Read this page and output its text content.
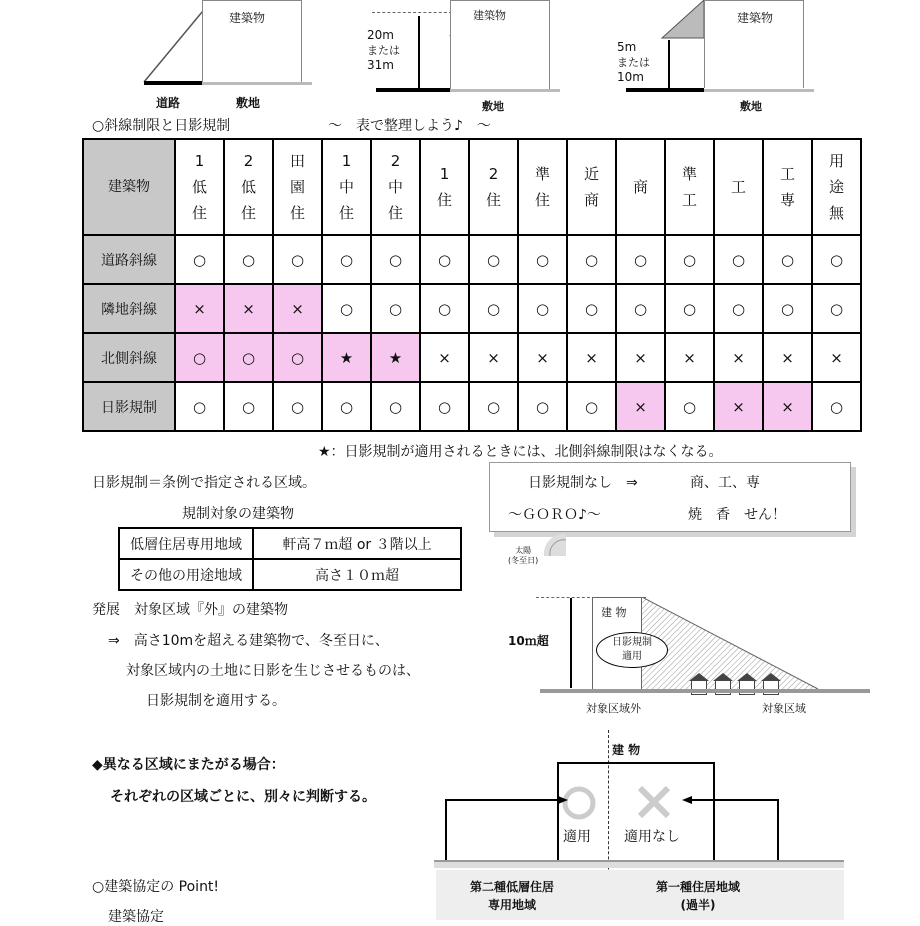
建築物
道路	敷地
建築物
20m
または
31m
敷地
建築物
5m
または
10m
敷地
○斜線制限と日影規制	～　表で整理しよう♪　～
建築物	1低住	2低住	田園住	1中住	2中住	1住	2住	準住	近商	商	準工	工	工専	用途無
道路斜線	○	○	○	○	○	○	○	○	○	○	○	○	○	○
隣地斜線	×	×	×	○	○	○	○	○	○	○	○	○	○	○
北側斜線	○	○	○	★	★	×	×	×	×	×	×	×	×	×
日影規制	○	○	○	○	○	○	○	○	○	×	○	×	×	○
★：日影規制が適用されるときには、北側斜線制限はなくなる。
日影規制＝条例で指定される区域。	日影規制なし　⇒	商、工、専
～ＧＯＲＯ♪～	焼　香　せん！
規制対象の建築物
低層住居専用地域	軒高７ｍ超 or ３階以上
その他の用途地域	高さ１０ｍ超
太陽
(冬至日)
発展　対象区域『外』の建築物
⇒　高さ10mを超える建築物で、冬至日に、
対象区域内の土地に日影を生じさせるものは、
日影規制を適用する。
10ｍ超
建 物
日影規制
適用
対象区域外	対象区域
◆異なる区域にまたがる場合：
それぞれの区域ごとに、別々に判断する。
建 物
適用 適用なし
第二種低層住居
専用地域
第一種住居地域
(過半)
○建築協定の Point!
建築協定
